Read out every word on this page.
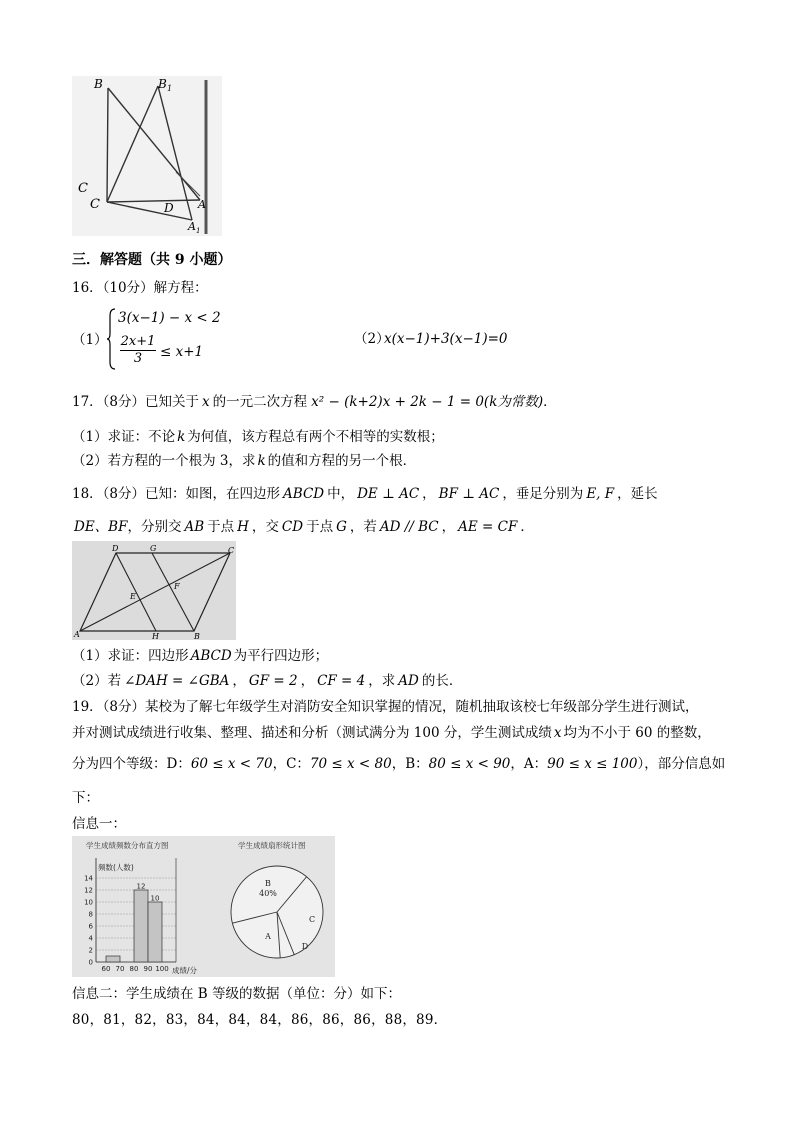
B	B 1
C
C	D A
A 1
三．解答题（共 9 小题）
16．（10分）解方程：
（1）
3(x−1) − x < 2
2x+1
3	≤ x+1
（2）
x(x−1)+3(x−1)=0
17．（8分）已知关于 x 的一元二次方程 x² − (k+2)x + 2k − 1 = 0(k为常数)．
（1）求证：不论 k 为何值，该方程总有两个不相等的实数根；
（2）若方程的一个根为 3，求 k 的值和方程的另一个根．
18．（8分）已知：如图，在四边形 ABCD 中， DE ⊥ AC ， BF ⊥ AC ，垂足分别为 E, F ，延长
DE、BF，分别交 AB 于点 H ，交 CD 于点 G ，若 AD // BC ， AE = CF ．
D	G	C
E
F
A	H	B
（1）求证：四边形 ABCD 为平行四边形；
（2）若 ∠DAH = ∠GBA ， GF = 2 ， CF = 4 ，求 AD 的长．
19．（8分）某校为了解七年级学生对消防安全知识掌握的情况，随机抽取该校七年级部分学生进行测试，
并对测试成绩进行收集、整理、描述和分析（测试满分为 100 分，学生测试成绩 x 均为不小于 60 的整数，
分为四个等级：D：60 ≤ x < 70，C：70 ≤ x < 80，B：80 ≤ x < 90，A：90 ≤ x ≤ 100），部分信息如
下：
信息一：
学生成绩频数分布直方图	学生成绩扇形统计图
频数(人数)
成绩/分
0
2
4
6
8
10
12
14
60 70 80 90 100
12
10
B
C
D
A
40%
信息二：学生成绩在 B 等级的数据（单位：分）如下：
80，81，82，83，84，84，84，86，86，86，88，89．
